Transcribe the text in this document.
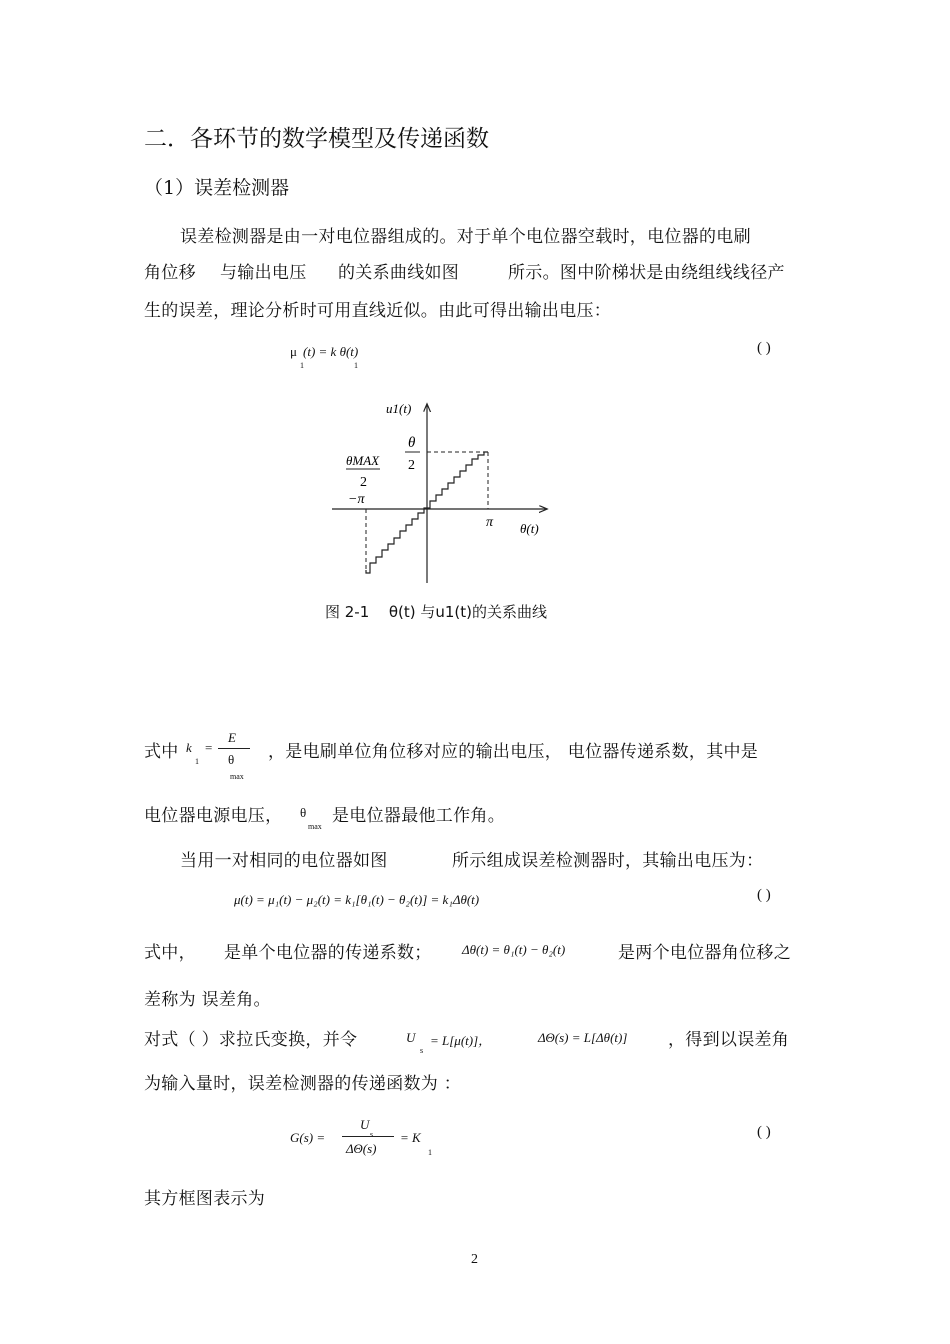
二．各环节的数学模型及传递函数
（1）误差检测器
误差检测器是由一对电位器组成的。对于单个电位器空载时，电位器的电刷
角位移 与输出电压 的关系曲线如图	所示。图中阶梯状是由绕组线线径产
生的误差，理论分析时可用直线近似。由此可得出输出电压：
μ
1
(t) = k θ(t)
1
( )
u1(t)
θ
2
θMAX
2
−π
π θ(t)
图 2-1 θ(t) 与u1(t)的关系曲线
式中 k
1
=
E
θ
max
，是电刷单位角位移对应的输出电压， 电位器传递系数，其中是
电位器电源电压， θ
max
是电位器最他工作角。
当用一对相同的电位器如图	所示组成误差检测器时，其输出电压为：
μ(t) = μ₁(t) − μ₂(t) = k₁[θ₁(t) − θ₂(t)] = k₁Δθ(t)	( )
式中， 是单个电位器的传递系数； Δθ(t) = θ₁(t) − θ₂(t)	是两个电位器角位移之
差称为 误差角。
对式（ ）求拉氏变换，并令	U
s
= L[μ(t)]，	ΔΘ(s) = L[Δθ(t)] ，得到以误差角
为输入量时，误差检测器的传递函数为 ：
G(s) =
U
s
ΔΘ(s)
= K
1
( )
其方框图表示为
2
